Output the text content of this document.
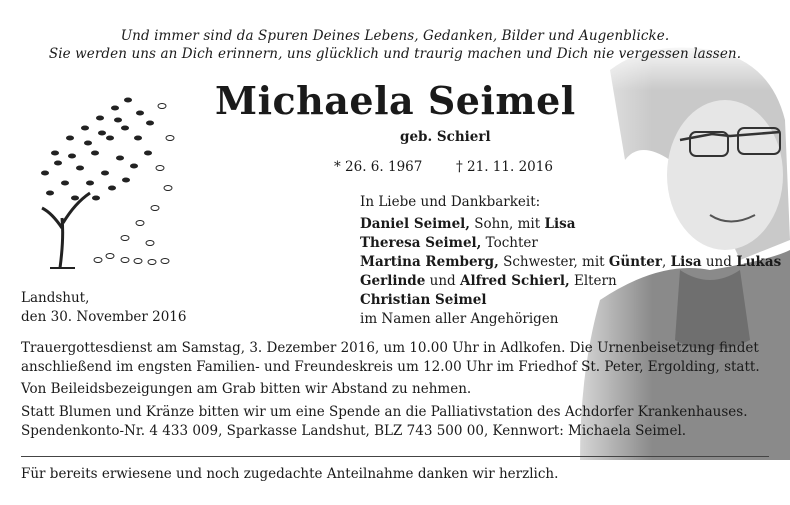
Und immer sind da Spuren Deines Lebens, Gedanken, Bilder und Augenblicke.
Sie werden uns an Dich erinnern, uns glücklich und traurig machen und Dich nie vergessen lassen.
Michaela Seimel
geb. Schierl
* 26. 6. 1967 † 21. 11. 2016
In Liebe und Dankbarkeit:
Daniel Seimel, Sohn, mit Lisa
Theresa Seimel, Tochter
Martina Remberg, Schwester, mit Günter, Lisa und Lukas
Gerlinde und Alfred Schierl, Eltern
Christian Seimel
im Namen aller Angehörigen
Landshut,
den 30. November 2016
Trauergottesdienst am Samstag, 3. Dezember 2016, um 10.00 Uhr in Adlkofen. Die Urnenbeisetzung findet
anschließend im engsten Familien- und Freundeskreis um 12.00 Uhr im Friedhof St. Peter, Ergolding, statt.
Von Beileidsbezeigungen am Grab bitten wir Abstand zu nehmen.
Statt Blumen und Kränze bitten wir um eine Spende an die Palliativstation des Achdorfer Krankenhauses.
Spendenkonto-Nr. 4 433 009, Sparkasse Landshut, BLZ 743 500 00, Kennwort: Michaela Seimel.
Für bereits erwiesene und noch zugedachte Anteilnahme danken wir herzlich.
